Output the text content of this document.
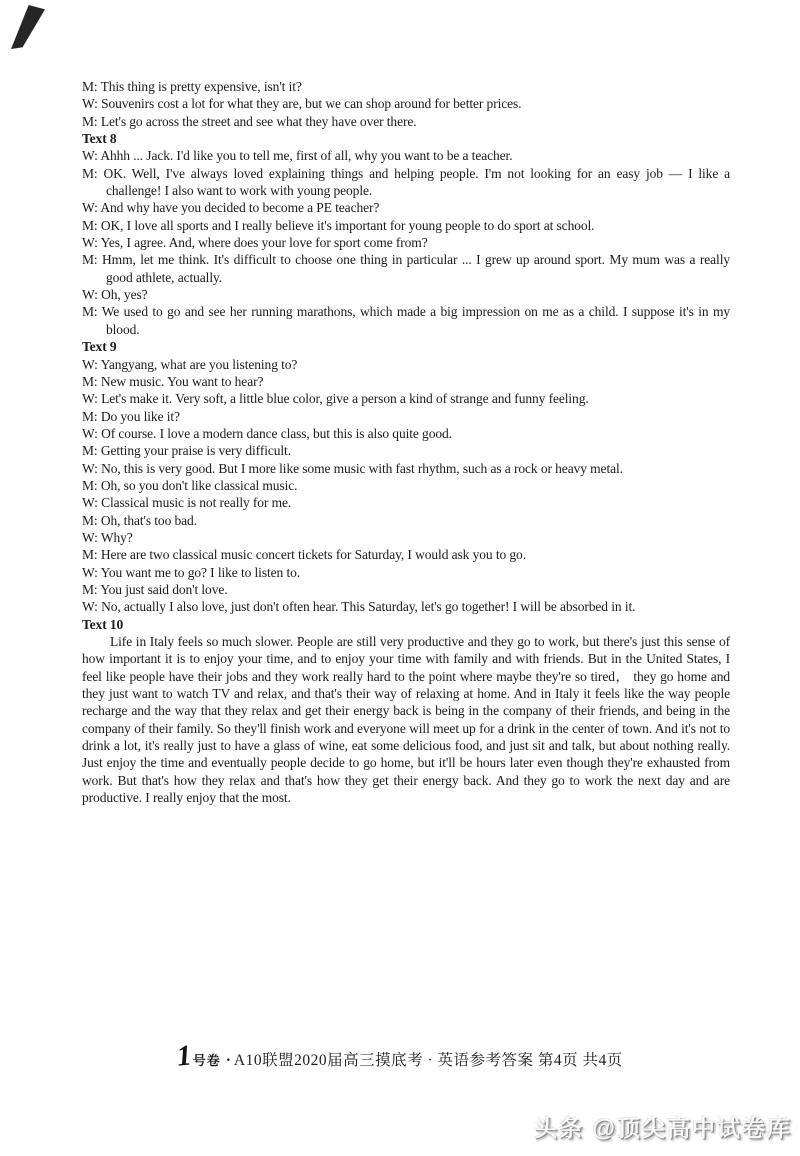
M: This thing is pretty expensive, isn't it?
W: Souvenirs cost a lot for what they are, but we can shop around for better prices.
M: Let's go across the street and see what they have over there.
Text 8
W: Ahhh ... Jack. I'd like you to tell me, first of all, why you want to be a teacher.
M: OK. Well, I've always loved explaining things and helping people. I'm not looking for an easy job — I like a challenge! I also want to work with young people.
W: And why have you decided to become a PE teacher?
M: OK, I love all sports and I really believe it's important for young people to do sport at school.
W: Yes, I agree. And, where does your love for sport come from?
M: Hmm, let me think. It's difficult to choose one thing in particular ... I grew up around sport. My mum was a really good athlete, actually.
W: Oh, yes?
M: We used to go and see her running marathons, which made a big impression on me as a child. I suppose it's in my blood.
Text 9
W: Yangyang, what are you listening to?
M: New music. You want to hear?
W: Let's make it. Very soft, a little blue color, give a person a kind of strange and funny feeling.
M: Do you like it?
W: Of course. I love a modern dance class, but this is also quite good.
M: Getting your praise is very difficult.
W: No, this is very good. But I more like some music with fast rhythm, such as a rock or heavy metal.
M: Oh, so you don't like classical music.
W: Classical music is not really for me.
M: Oh, that's too bad.
W: Why?
M: Here are two classical music concert tickets for Saturday, I would ask you to go.
W: You want me to go? I like to listen to.
M: You just said don't love.
W: No, actually I also love, just don't often hear. This Saturday, let's go together! I will be absorbed in it.
Text 10
Life in Italy feels so much slower. People are still very productive and they go to work, but there's just this sense of how important it is to enjoy your time, and to enjoy your time with family and with friends. But in the United States, I feel like people have their jobs and they work really hard to the point where maybe they're so tired， they go home and they just want to watch TV and relax, and that's their way of relaxing at home. And in Italy it feels like the way people recharge and the way that they relax and get their energy back is being in the company of their friends, and being in the company of their family. So they'll finish work and everyone will meet up for a drink in the center of town. And it's not to drink a lot, it's really just to have a glass of wine, eat some delicious food, and just sit and talk, but about nothing really. Just enjoy the time and eventually people decide to go home, but it'll be hours later even though they're exhausted from work. But that's how they relax and that's how they get their energy back. And they go to work the next day and are productive. I really enjoy that the most.
1 号卷 · A10联盟2020届高三摸底考 · 英语参考答案 第4页 共4页
头条 @顶尖高中试卷库
